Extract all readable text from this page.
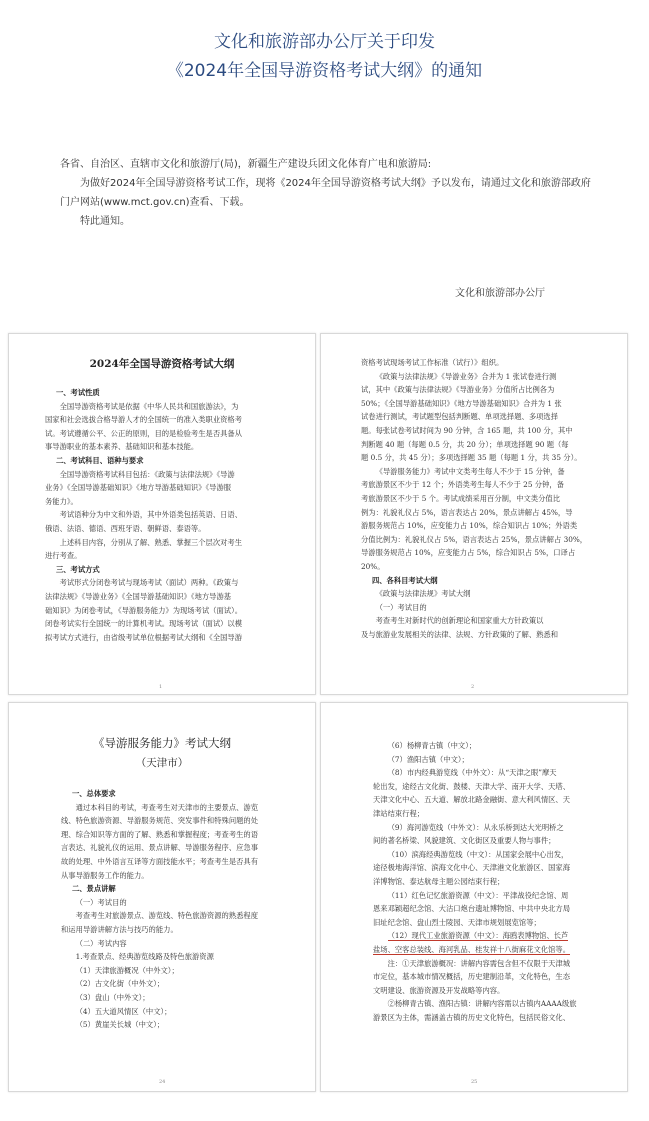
文化和旅游部办公厅关于印发
《2024年全国导游资格考试大纲》的通知

各省、自治区、直辖市文化和旅游厅(局)，新疆生产建设兵团文化体育广电和旅游局:

为做好2024年全国导游资格考试工作，现将《2024年全国导游资格考试大纲》予以发布，请通过文化和旅游部政府门户网站(www.mct.gov.cn)查看、下载。

特此通知。

文化和旅游部办公厅
2024年全国导游资格考试大纲

一、考试性质

全国导游资格考试是依据《中华人民共和国旅游法》，为

国家和社会选拔合格导游人才的全国统一的准入类职业资格考

试。考试遵循公平、公正的原则，目的是检验考生是否具备从

事导游职业的基本素养、基础知识和基本技能。

二、考试科目、语种与要求

全国导游资格考试科目包括：《政策与法律法规》《导游

业务》《全国导游基础知识》《地方导游基础知识》《导游服

务能力》。

考试语种分为中文和外语，其中外语类包括英语、日语、

俄语、法语、德语、西班牙语、朝鲜语、泰语等。

上述科目内容，分别从了解、熟悉、掌握三个层次对考生

进行考查。

三、考试方式

考试形式分闭卷考试与现场考试（面试）两种。《政策与

法律法规》《导游业务》《全国导游基础知识》《地方导游基

础知识》为闭卷考试，《导游服务能力》为现场考试（面试）。

闭卷考试实行全国统一的计算机考试。现场考试（面试）以模

拟考试方式进行，由省级考试单位根据考试大纲和《全国导游

1

资格考试现场考试工作标准（试行）》组织。

《政策与法律法规》《导游业务》合并为 1 张试卷进行测

试，其中《政策与法律法规》《导游业务》分值所占比例各为

50%；《全国导游基础知识》《地方导游基础知识》合并为 1 张

试卷进行测试，考试题型包括判断题、单项选择题、多项选择

题。每张试卷考试时间为 90 分钟，含 165 题，共 100 分，其中

判断题 40 题（每题 0.5 分，共 20 分）；单项选择题 90 题（每

题 0.5 分，共 45 分）；多项选择题 35 题（每题 1 分，共 35 分）。

《导游服务能力》考试中文类考生每人不少于 15 分钟，备

考旅游景区不少于 12 个；外语类考生每人不少于 25 分钟，备

考旅游景区不少于 5 个。考试成绩采用百分制，中文类分值比

例为：礼貌礼仪占 5%，语言表达占 20%，景点讲解占 45%，导

游服务规范占 10%，应变能力占 10%，综合知识占 10%；外语类

分值比例为：礼貌礼仪占 5%，语言表达占 25%，景点讲解占 30%，

导游服务规范占 10%，应变能力占 5%，综合知识占 5%，口译占

20%。

四、各科目考试大纲

《政策与法律法规》考试大纲

（一）考试目的

考查考生对新时代的创新理论和国家重大方针政策以

及与旅游业发展相关的法律、法规、方针政策的了解、熟悉和

2
《导游服务能力》考试大纲
（天津市）

一、总体要求

通过本科目的考试，考查考生对天津市的主要景点、游览

线、特色旅游资源、导游服务规范、突发事件和特殊问题的处

理、综合知识等方面的了解、熟悉和掌握程度；考查考生的语

言表达、礼貌礼仪的运用、景点讲解、导游服务程序、应急事

故的处理、中外语言互译等方面技能水平；考查考生是否具有

从事导游服务工作的能力。

二、景点讲解

（一）考试目的

考查考生对旅游景点、游览线、特色旅游资源的熟悉程度

和运用导游讲解方法与技巧的能力。

（二）考试内容

1.考查景点、经典游览线路及特色旅游资源

（1）天津旅游概况（中外文）；

（2）古文化街（中外文）；

（3）盘山（中外文）；

（4）五大道风情区（中文）；

（5）黄崖关长城（中文）；

24

（6）杨柳青古镇（中文）；

（7）渔阳古镇（中文）；

（8）市内经典游览线（中外文）：从“天津之眼”摩天

轮出发，途经古文化街、鼓楼、天津大学、南开大学、天塔、

天津文化中心、五大道、解放北路金融街、意大利风情区、天

津站结束行程；

（9）海河游览线（中外文）：从永乐桥到达大光明桥之

间的著名桥梁、风貌建筑、文化街区及重要人物与事件；

（10）滨海经典游览线（中文）：从国家会展中心出发，

途径极地海洋馆、滨海文化中心、天津港文化旅游区、国家海

洋博物馆、泰达航母主题公园结束行程；

（11）红色记忆旅游资源（中文）：平津战役纪念馆、周

恩来邓颖超纪念馆、大沽口炮台遗址博物馆、中共中央北方局

旧址纪念馆、盘山烈士陵园、天津市规划展览馆等；

（12）现代工业旅游资源（中文）：海鸥表博物馆、长芦

盐场、空客总装线、海河乳品、桂发祥十八街麻花文化馆等。

注：①天津旅游概况：讲解内容需包含但不仅限于天津城

市定位，基本城市情况概括，历史建制沿革，文化特色，生态

文明建设、旅游资源及开发战略等内容。

②杨柳青古镇、渔阳古镇：讲解内容需以古镇内AAAA级旅

游景区为主体，需涵盖古镇的历史文化特色，包括民俗文化、

25
